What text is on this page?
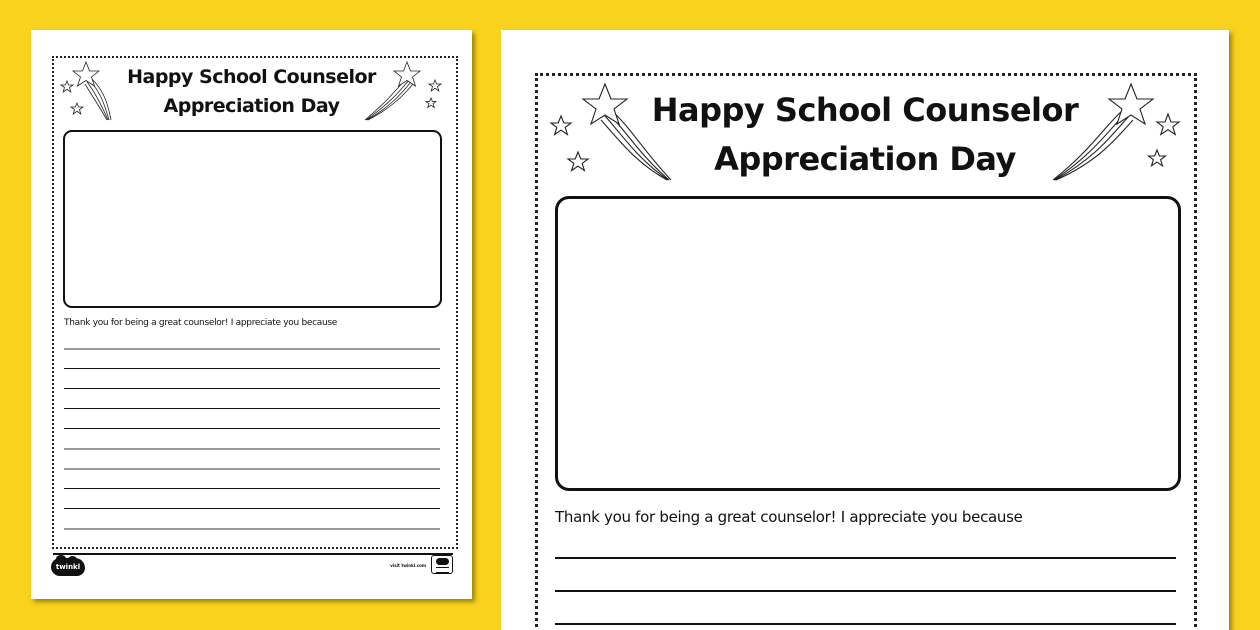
Happy School Counselor
Appreciation Day
Thank you for being a great counselor! I appreciate you because
twinkl	visit twinkl.com
Happy School Counselor
Appreciation Day
Thank you for being a great counselor! I appreciate you because
